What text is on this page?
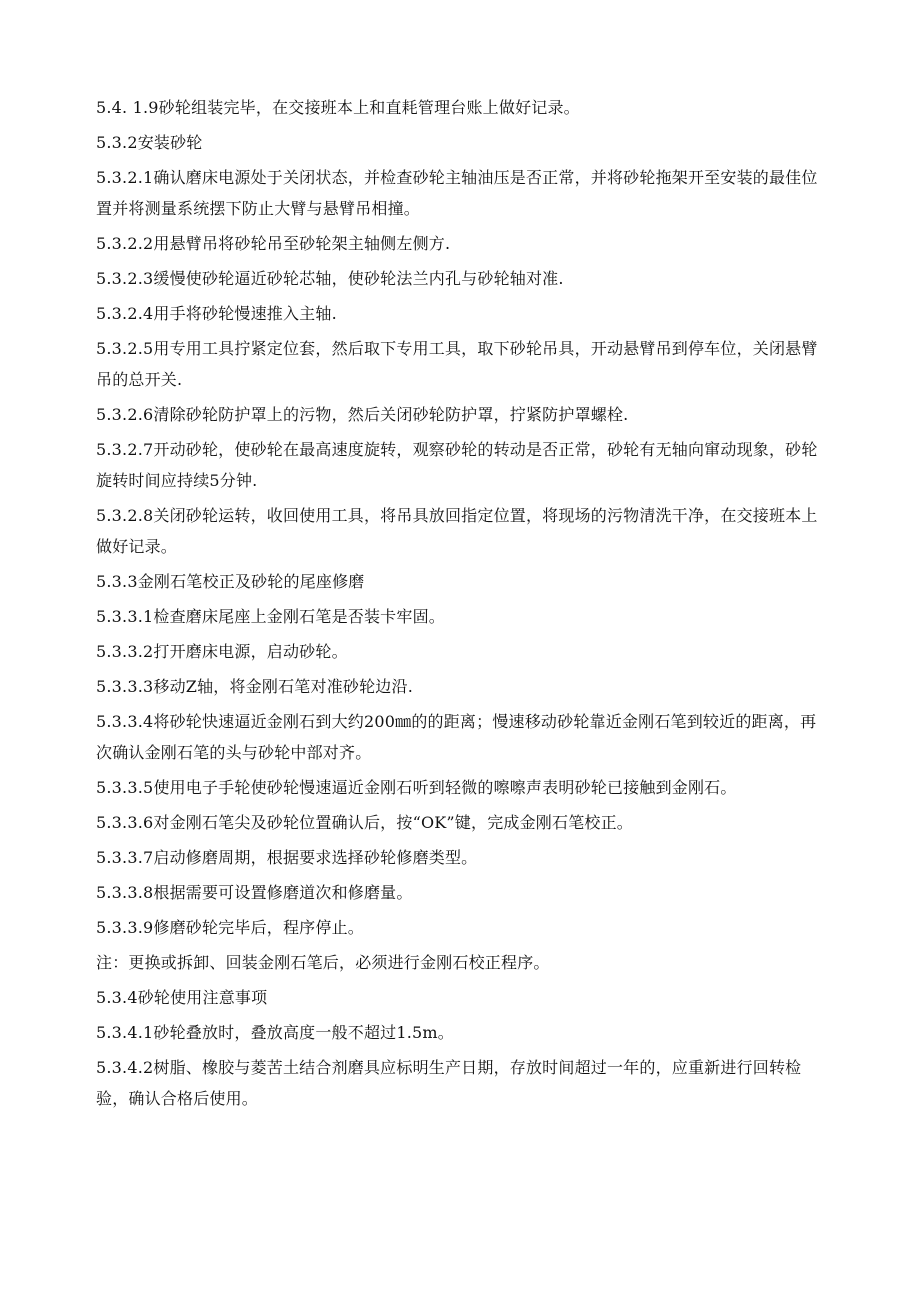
5.4. 1.9砂轮组装完毕，在交接班本上和直耗管理台账上做好记录。

5.3.2安装砂轮

5.3.2.1确认磨床电源处于关闭状态，并检查砂轮主轴油压是否正常，并将砂轮拖架开至安装的最佳位置并将测量系统摆下防止大臂与悬臂吊相撞。

5.3.2.2用悬臂吊将砂轮吊至砂轮架主轴侧左侧方.

5.3.2.3缓慢使砂轮逼近砂轮芯轴，使砂轮法兰内孔与砂轮轴对准.

5.3.2.4用手将砂轮慢速推入主轴.

5.3.2.5用专用工具拧紧定位套，然后取下专用工具，取下砂轮吊具，开动悬臂吊到停车位，关闭悬臂吊的总开关.

5.3.2.6清除砂轮防护罩上的污物，然后关闭砂轮防护罩，拧紧防护罩螺栓.

5.3.2.7开动砂轮，使砂轮在最高速度旋转，观察砂轮的转动是否正常，砂轮有无轴向窜动现象，砂轮旋转时间应持续5分钟.

5.3.2.8关闭砂轮运转，收回使用工具，将吊具放回指定位置，将现场的污物清洗干净，在交接班本上做好记录。

5.3.3金刚石笔校正及砂轮的尾座修磨

5.3.3.1检查磨床尾座上金刚石笔是否装卡牢固。

5.3.3.2打开磨床电源，启动砂轮。

5.3.3.3移动Z轴，将金刚石笔对准砂轮边沿.

5.3.3.4将砂轮快速逼近金刚石到大约200㎜的的距离；慢速移动砂轮靠近金刚石笔到较近的距离，再次确认金刚石笔的头与砂轮中部对齐。

5.3.3.5使用电子手轮使砂轮慢速逼近金刚石听到轻微的嚓嚓声表明砂轮已接触到金刚石。

5.3.3.6对金刚石笔尖及砂轮位置确认后，按“OK”键，完成金刚石笔校正。

5.3.3.7启动修磨周期，根据要求选择砂轮修磨类型。

5.3.3.8根据需要可设置修磨道次和修磨量。

5.3.3.9修磨砂轮完毕后，程序停止。

注：更换或拆卸、回装金刚石笔后，必须进行金刚石校正程序。

5.3.4砂轮使用注意事项

5.3.4.1砂轮叠放时，叠放高度一般不超过1.5m。

5.3.4.2树脂、橡胶与菱苦土结合剂磨具应标明生产日期，存放时间超过一年的，应重新进行回转检验，确认合格后使用。
